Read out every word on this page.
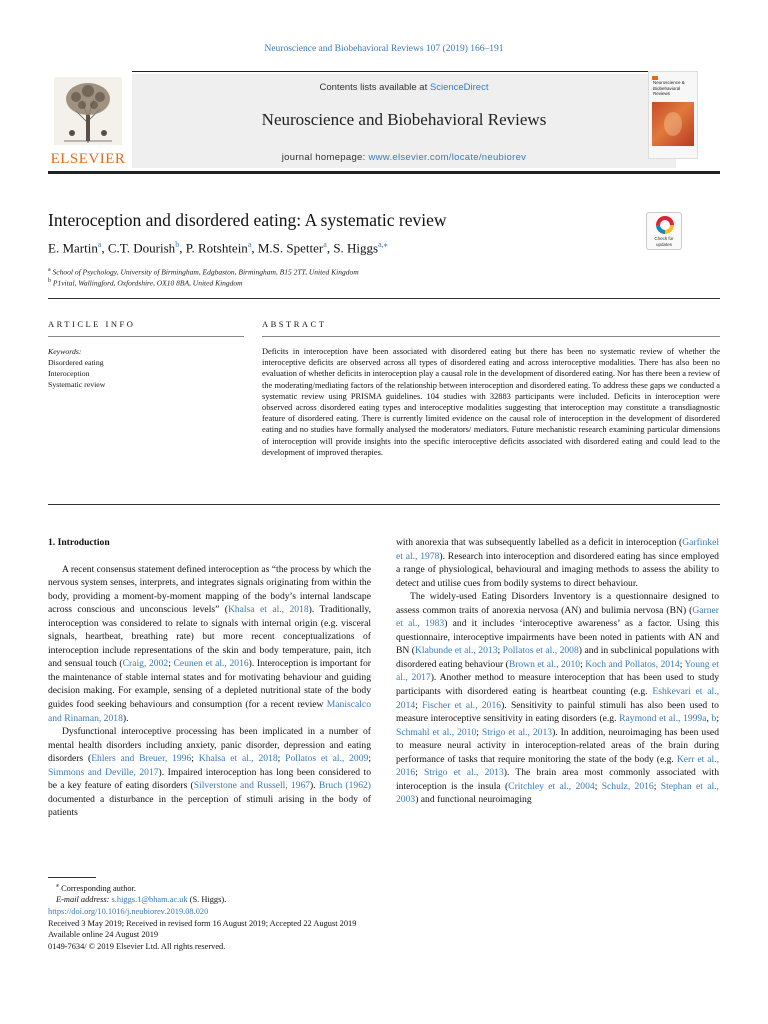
Neuroscience and Biobehavioral Reviews 107 (2019) 166–191
ELSEVIER
Contents lists available at ScienceDirect
Neuroscience and Biobehavioral Reviews
journal homepage: www.elsevier.com/locate/neubiorev
Neuroscience & Biobehavioral Reviews
Interoception and disordered eating: A systematic review
E. Martin$^a$, C.T. Dourish$^b$, P. Rotshtein$^a$, M.S. Spetter$^a$, S. Higgs$^{a,⁎}$
Check for updates
$^a$ School of Psychology, University of Birmingham, Edgbaston, Birmingham, B15 2TT, United Kingdom
$^b$ P1vital, Wallingford, Oxfordshire, OX10 8BA, United Kingdom
ARTICLE INFO	ABSTRACT
Keywords:
Disordered eating
Interoception
Systematic review
Deficits in interoception have been associated with disordered eating but there has been no systematic review of whether the interoceptive deficits are observed across all types of disordered eating and across interoceptive modalities. There has also been no evaluation of whether deficits in interoception play a causal role in the development of disordered eating. Nor has there been a review of the moderating/mediating factors of the relationship between interoception and disordered eating. To address these gaps we conducted a systematic review using PRISMA guidelines. 104 studies with 32883 participants were included. Deficits in interoception were observed across disordered eating types and interoceptive modalities suggesting that interoception may constitute a transdiagnostic feature of disordered eating. There is currently limited evidence on the causal role of interoception in the development of disordered eating and no studies have formally analysed the moderators/ mediators. Future mechanistic research examining particular dimensions of interoception will provide insights into the specific interoceptive deficits associated with disordered eating and could lead to the development of improved therapies.
1. Introduction

A recent consensus statement defined interoception as “the process by which the nervous system senses, interprets, and integrates signals originating from within the body, providing a moment-by-moment mapping of the body’s internal landscape across conscious and unconscious levels” (Khalsa et al., 2018). Traditionally, interoception was considered to relate to signals with internal origin (e.g. visceral signals, heartbeat, breathing rate) but more recent conceptualizations of interoception include representations of the skin and body temperature, pain, itch and sensual touch (Craig, 2002; Ceunen et al., 2016). Interoception is important for the maintenance of stable internal states and for motivating behaviour and guiding decision making. For example, sensing of a depleted nutritional state of the body guides food seeking behaviours and consumption (for a recent review Maniscalco and Rinaman, 2018).

Dysfunctional interoceptive processing has been implicated in a number of mental health disorders including anxiety, panic disorder, depression and eating disorders (Ehlers and Breuer, 1996; Khalsa et al., 2018; Pollatos et al., 2009; Simmons and Deville, 2017). Impaired interoception has long been considered to be a key feature of eating disorders (Silverstone and Russell, 1967). Bruch (1962) documented a disturbance in the perception of stimuli arising in the body of patients

with anorexia that was subsequently labelled as a deficit in interoception (Garfinkel et al., 1978). Research into interoception and disordered eating has since employed a range of physiological, behavioural and imaging methods to assess the ability to detect and utilise cues from bodily systems to direct behaviour.

The widely-used Eating Disorders Inventory is a questionnaire designed to assess common traits of anorexia nervosa (AN) and bulimia nervosa (BN) (Garner et al., 1983) and it includes ‘interoceptive awareness’ as a factor. Using this questionnaire, interoceptive impairments have been noted in patients with AN and BN (Klabunde et al., 2013; Pollatos et al., 2008) and in subclinical populations with disordered eating behaviour (Brown et al., 2010; Koch and Pollatos, 2014; Young et al., 2017). Another method to measure interoception that has been used to study participants with disordered eating is heartbeat counting (e.g. Eshkevari et al., 2014; Fischer et al., 2016). Sensitivity to painful stimuli has also been used to measure interoceptive sensitivity in eating disorders (e.g. Raymond et al., 1999a, b; Schmahl et al., 2010; Strigo et al., 2013). In addition, neuroimaging has been used to measure neural activity in interoception-related areas of the brain during performance of tasks that require monitoring the state of the body (e.g. Kerr et al., 2016; Strigo et al., 2013). The brain area most commonly associated with interoception is the insula (Critchley et al., 2004; Schulz, 2016; Stephan et al., 2003) and functional neuroimaging

⁎ Corresponding author.
E-mail address: s.higgs.1@bham.ac.uk (S. Higgs).
https://doi.org/10.1016/j.neubiorev.2019.08.020
Received 3 May 2019; Received in revised form 16 August 2019; Accepted 22 August 2019
Available online 24 August 2019
0149-7634/ © 2019 Elsevier Ltd. All rights reserved.
